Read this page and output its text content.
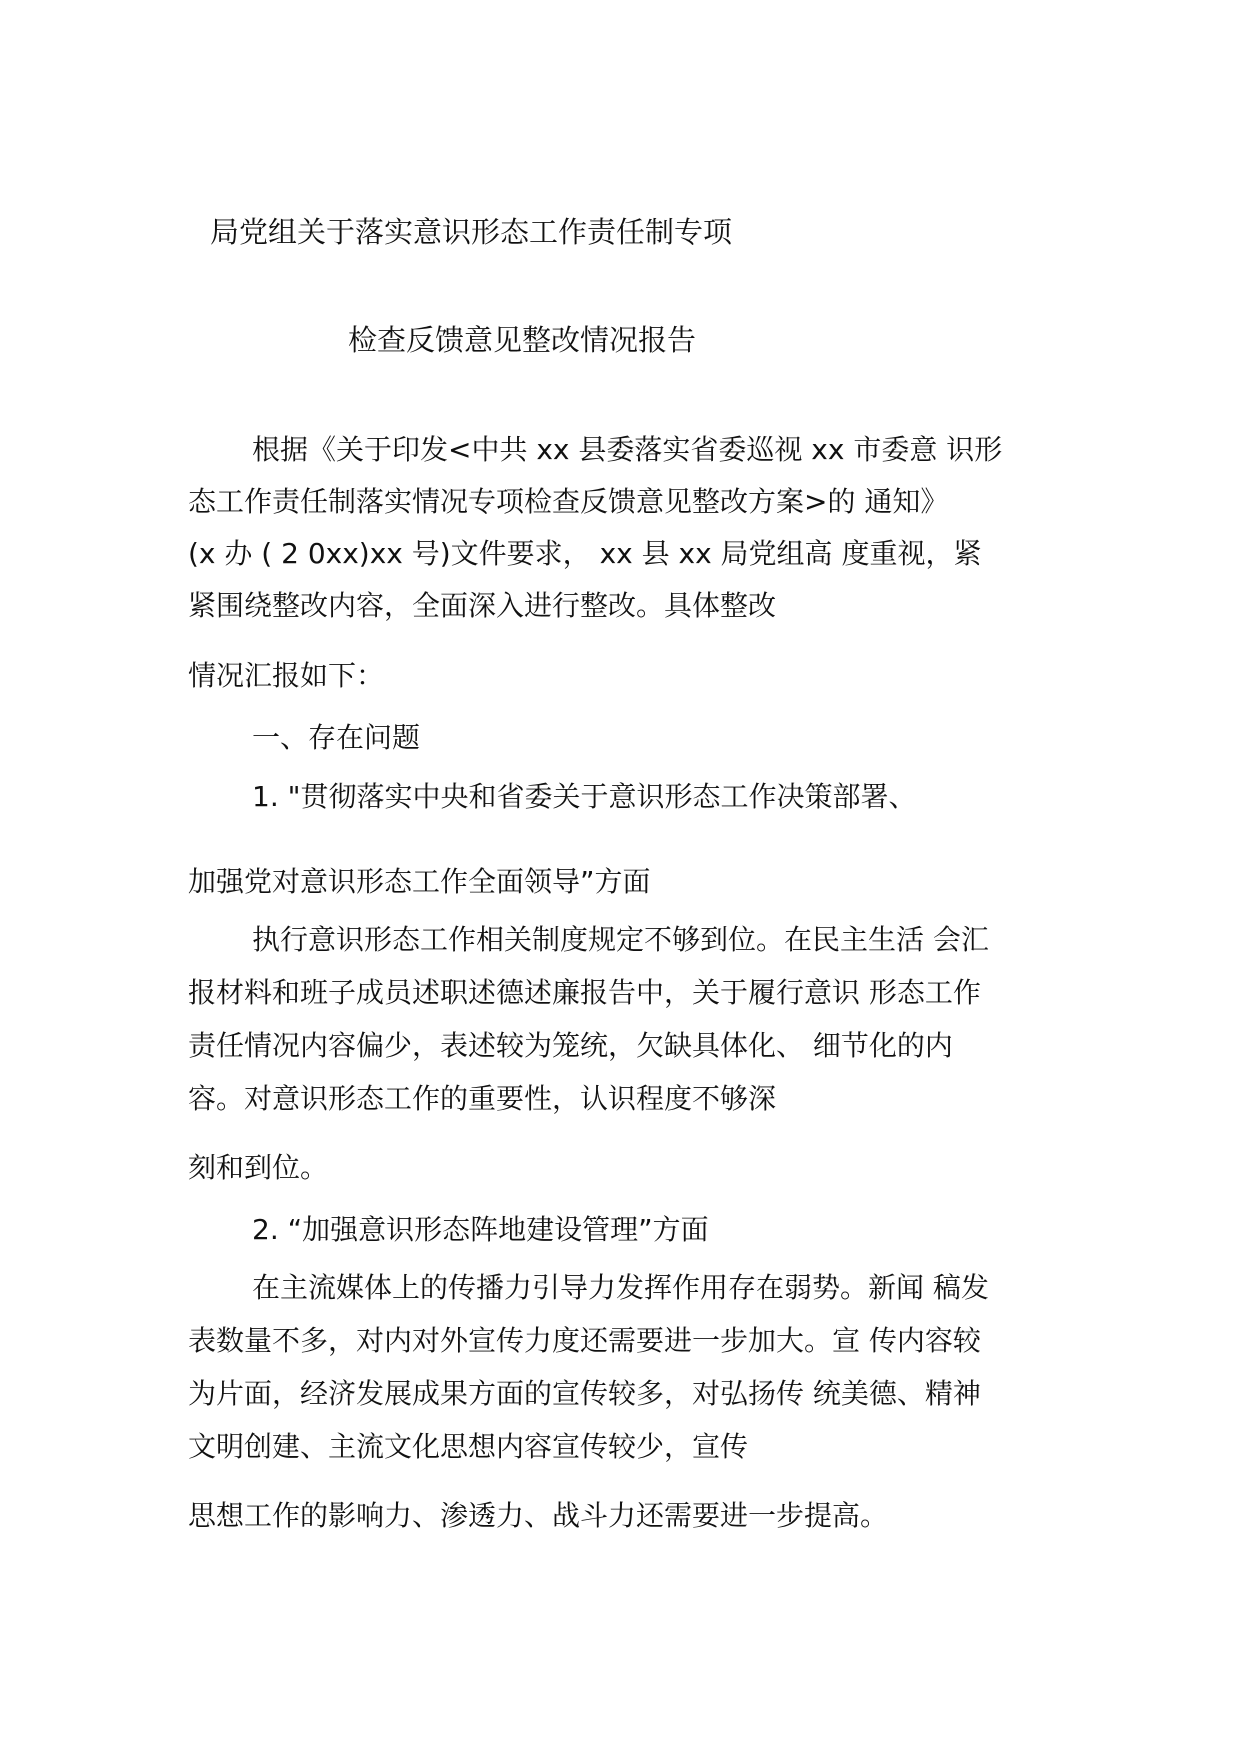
局党组关于落实意识形态工作责任制专项

检查反馈意见整改情况报告

根据《关于印发<中共 xx 县委落实省委巡视 xx 市委意 识形

态工作责任制落实情况专项检查反馈意见整改方案>的 通知》

(x 办 ( 2 0xx)xx 号)文件要求， xx 县 xx 局党组高 度重视，紧

紧围绕整改内容，全面深入进行整改。具体整改

情况汇报如下：

一、存在问题

1. "贯彻落实中央和省委关于意识形态工作决策部署、

加强党对意识形态工作全面领导”方面

执行意识形态工作相关制度规定不够到位。在民主生活 会汇

报材料和班子成员述职述德述廉报告中，关于履行意识 形态工作

责任情况内容偏少，表述较为笼统，欠缺具体化、 细节化的内

容。对意识形态工作的重要性，认识程度不够深

刻和到位。

2. “加强意识形态阵地建设管理”方面

在主流媒体上的传播力引导力发挥作用存在弱势。新闻 稿发

表数量不多，对内对外宣传力度还需要进一步加大。宣 传内容较

为片面，经济发展成果方面的宣传较多，对弘扬传 统美德、精神

文明创建、主流文化思想内容宣传较少，宣传

思想工作的影响力、渗透力、战斗力还需要进一步提高。
